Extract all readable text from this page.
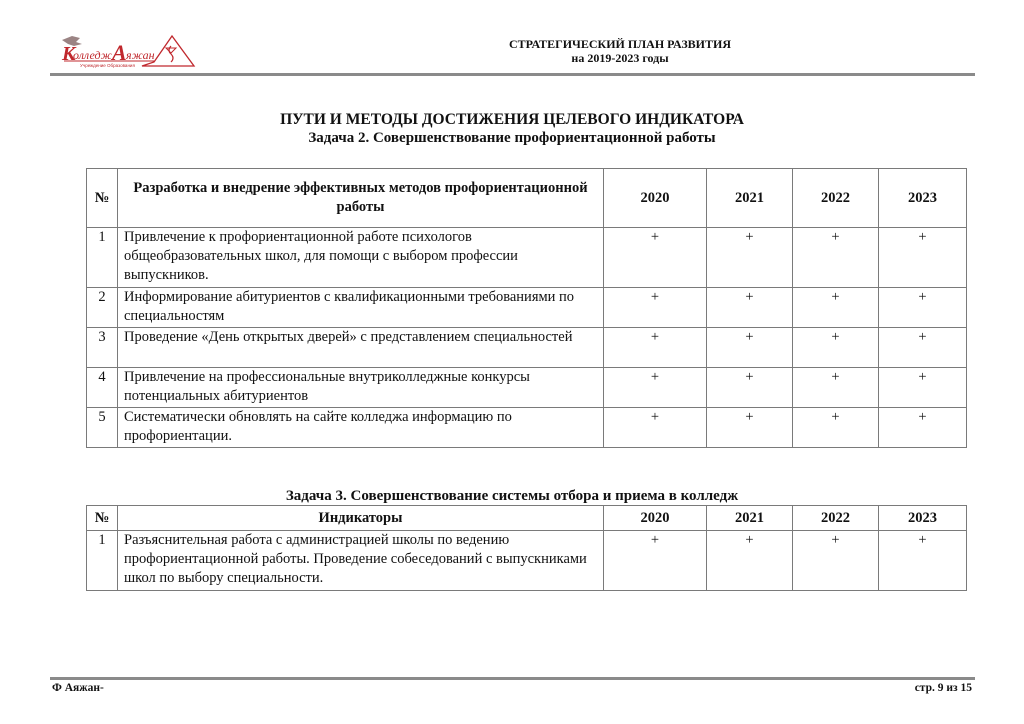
К
олледж А яжан
Учреждение Образования
СТРАТЕГИЧЕСКИЙ ПЛАН РАЗВИТИЯ
на 2019-2023 годы
ПУТИ И МЕТОДЫ ДОСТИЖЕНИЯ ЦЕЛЕВОГО ИНДИКАТОРА
Задача 2. Совершенствование профориентационной работы
№	Разработка и внедрение эффективных методов профориентационной работы	2020	2021	2022	2023
1	Привлечение к профориентационной работе психологов общеобразовательных школ, для помощи с выбором профессии выпускников.	+	+	+	+
2	Информирование абитуриентов с квалификационными требованиями по специальностям	+	+	+	+
3	Проведение «День открытых дверей» с представлением специальностей	+	+	+	+
4	Привлечение на профессиональные внутриколледжные конкурсы потенциальных абитуриентов	+	+	+	+
5	Систематически обновлять на сайте колледжа информацию по профориентации.	+	+	+	+
Задача 3. Совершенствование системы отбора и приема в колледж
№	Индикаторы	2020	2021	2022	2023
1	Разъяснительная работа с администрацией школы по ведению профориентационной работы. Проведение собеседований с выпускниками школ по выбору специальности.	+	+	+	+
Ф Аяжан-	стр. 9 из 15
